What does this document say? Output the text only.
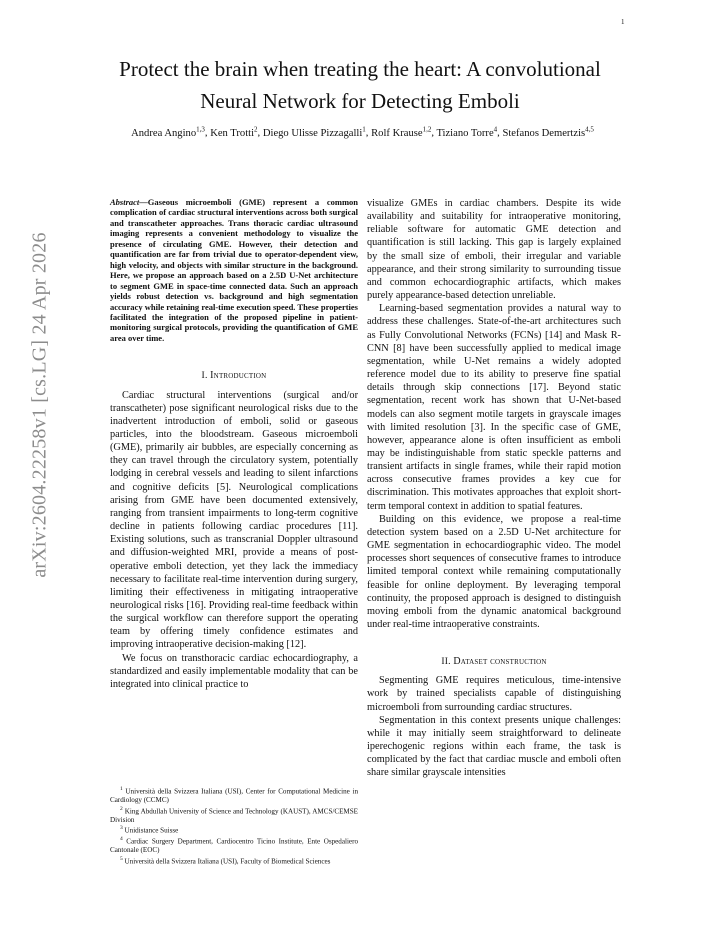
1
arXiv:2604.22258v1 [cs.LG] 24 Apr 2026
Protect the brain when treating the heart: A convolutional Neural Network for Detecting Emboli
Andrea Angino$^{1,3}$, Ken Trotti$^2$, Diego Ulisse Pizzagalli$^1$, Rolf Krause$^{1,2}$, Tiziano Torre$^4$, Stefanos Demertzis$^{4,5}$

Abstract—Gaseous microemboli (GME) represent a common complication of cardiac structural interventions across both surgical and transcatheter approaches. Trans thoracic cardiac ultrasound imaging represents a convenient methodology to visualize the presence of circulating GME. However, their detection and quantification are far from trivial due to operator-dependent view, high velocity, and objects with similar structure in the background. Here, we propose an approach based on a 2.5D U-Net architecture to segment GME in space-time connected data. Such an approach yields robust detection vs. background and high segmentation accuracy while retaining real-time execution speed. These properties facilitated the integration of the proposed pipeline in patient-monitoring surgical protocols, providing the quantification of GME area over time.

I. Introduction

Cardiac structural interventions (surgical and/or transcatheter) pose significant neurological risks due to the inadvertent introduction of emboli, solid or gaseous particles, into the bloodstream. Gaseous microemboli (GME), primarily air bubbles, are especially concerning as they can travel through the circulatory system, potentially lodging in cerebral vessels and leading to silent infarctions and cognitive deficits [5]. Neurological complications arising from GME have been documented extensively, ranging from transient impairments to long-term cognitive decline in patients following cardiac procedures [11]. Existing solutions, such as transcranial Doppler ultrasound and diffusion-weighted MRI, provide a means of post-operative emboli detection, yet they lack the immediacy necessary to facilitate real-time intervention during surgery, limiting their effectiveness in mitigating intraoperative neurological risks [16]. Providing real-time feedback within the surgical workflow can therefore support the operating team by offering timely confidence estimates and improving intraoperative decision-making [12].

We focus on transthoracic cardiac echocardiography, a standardized and easily implementable modality that can be integrated into clinical practice to

$^1$ Università della Svizzera Italiana (USI), Center for Computational Medicine in Cardiology (CCMC)

$^2$ King Abdullah University of Science and Technology (KAUST), AMCS/CEMSE Division

$^3$ Unidistance Suisse

$^4$ Cardiac Surgery Department, Cardiocentro Ticino Institute, Ente Ospedaliero Cantonale (EOC)

$^5$ Università della Svizzera Italiana (USI), Faculty of Biomedical Sciences

visualize GMEs in cardiac chambers. Despite its wide availability and suitability for intraoperative monitoring, reliable software for automatic GME detection and quantification is still lacking. This gap is largely explained by the small size of emboli, their irregular and variable appearance, and their strong similarity to surrounding tissue and common echocardiographic artifacts, which makes purely appearance-based detection unreliable.

Learning-based segmentation provides a natural way to address these challenges. State-of-the-art architectures such as Fully Convolutional Networks (FCNs) [14] and Mask R-CNN [8] have been successfully applied to medical image segmentation, while U-Net remains a widely adopted reference model due to its ability to preserve fine spatial details through skip connections [17]. Beyond static segmentation, recent work has shown that U-Net-based models can also segment motile targets in grayscale images with limited resolution [3]. In the specific case of GME, however, appearance alone is often insufficient as emboli may be indistinguishable from static speckle patterns and transient artifacts in single frames, while their rapid motion across consecutive frames provides a key cue for discrimination. This motivates approaches that exploit short-term temporal context in addition to spatial features.

Building on this evidence, we propose a real-time detection system based on a 2.5D U-Net architecture for GME segmentation in echocardiographic video. The model processes short sequences of consecutive frames to introduce limited temporal context while remaining computationally feasible for online deployment. By leveraging temporal continuity, the proposed approach is designed to distinguish moving emboli from the dynamic anatomical background under real-time intraoperative constraints.

II. Dataset construction

Segmenting GME requires meticulous, time-intensive work by trained specialists capable of distinguishing microemboli from surrounding cardiac structures.

Segmentation in this context presents unique challenges: while it may initially seem straightforward to delineate iperechogenic regions within each frame, the task is complicated by the fact that cardiac muscle and emboli often share similar grayscale intensities
